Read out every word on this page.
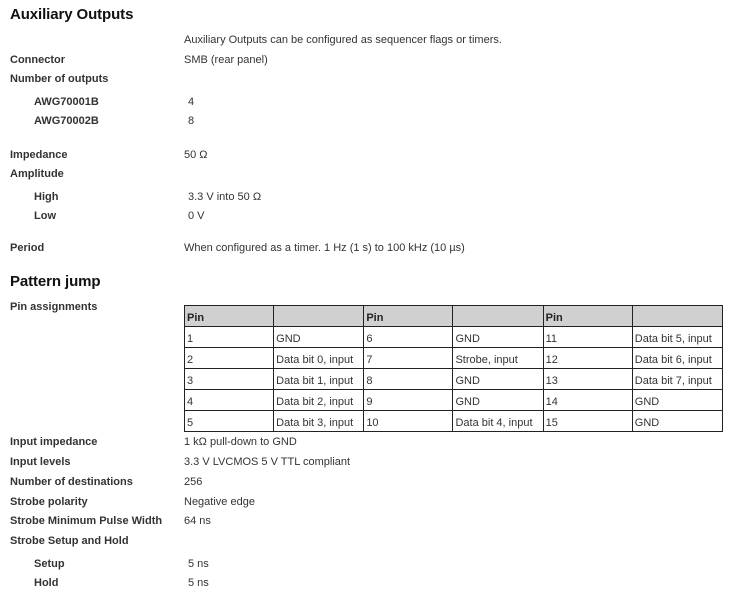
Auxiliary Outputs
Auxiliary Outputs can be configured as sequencer flags or timers.
Connector	SMB (rear panel)
Number of outputs
AWG70001B	4
AWG70002B	8
Impedance	50 Ω
Amplitude
High	3.3 V into 50 Ω
Low	0 V
Period	When configured as a timer. 1 Hz (1 s) to 100 kHz (10 µs)
Pattern jump
Pin assignments
Pin		Pin		Pin	
1	GND	6	GND	11	Data bit 5, input
2	Data bit 0, input	7	Strobe, input	12	Data bit 6, input
3	Data bit 1, input	8	GND	13	Data bit 7, input
4	Data bit 2, input	9	GND	14	GND
5	Data bit 3, input	10	Data bit 4, input	15	GND
Input impedance	1 kΩ pull-down to GND
Input levels	3.3 V LVCMOS 5 V TTL compliant
Number of destinations	256
Strobe polarity	Negative edge
Strobe Minimum Pulse Width 64 ns
Strobe Setup and Hold
Setup	5 ns
Hold	5 ns
